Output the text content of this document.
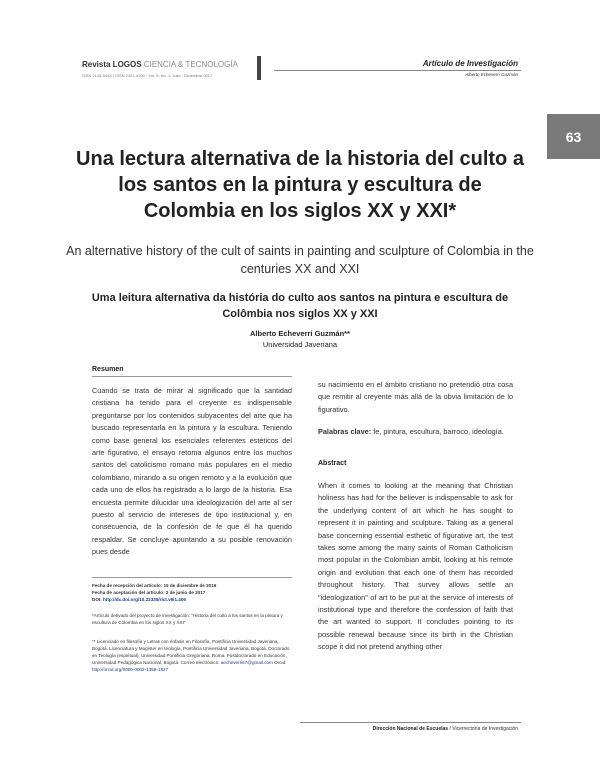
Revista LOGOS CIENCIA & TECNOLOGÍA
ISSN 2145-549X | ISSN 2422-4200 · Vol. 9, No. 1, Julio - Diciembre 2017
Artículo de Investigación
Alberto Echeverri Guzmán
63
Una lectura alternativa de la historia del culto a los santos en la pintura y escultura de Colombia en los siglos XX y XXI*
An alternative history of the cult of saints in painting and sculpture of Colombia in the centuries XX and XXI
Uma leitura alternativa da história do culto aos santos na pintura e escultura de Colômbia nos siglos XX y XXI
Alberto Echeverri Guzmán**
Universidad Javeriana
Resumen
Cuando se trata de mirar al significado que la santidad cristiana ha tenido para el creyente es indispensable preguntarse por los contenidos subyacentes del arte que ha buscado representarla en la pintura y la escultura. Teniendo como base general los esenciales referentes estéticos del arte figurativo, el ensayo retoma algunos entre los muchos santos del catolicismo romano más populares en el medio colombiano, mirando a su origen remoto y a la evolución que cada uno de ellos ha registrado a lo largo de la historia. Esa encuesta permite dilucidar una ideologización del arte al ser puesto al servicio de intereses de tipo institucional y, en consecuencia, de la confesión de fe que él ha querido respaldar. Se concluye apuntando a su posible renovación pues desde
su nacimiento en el ámbito cristiano no pretendió otra cosa que remitir al creyente más allá de la obvia limitación de lo figurativo.
Palabras clave: fe, pintura, escultura, barroco, ideología.
Abstract
When it comes to looking at the meaning that Christian holiness has had for the believer is indispensable to ask for the underlying content of art which he has sought to represent it in painting and sculpture. Taking as a general base concerning essential esthetic of figurative art, the test takes some among the many saints of Roman Catholicism most popular in the Colombian ambit, looking at his remote origin and evolution that each one of them has recorded throughout history. That survey allows settle an "ideologization" of art to be put at the service of interests of institutional type and therefore the confession of faith that the art wanted to support. It concludes pointing to its possible renewal because since its birth in the Christian scope it did not pretend anything other
Fecha de recepción del artículo: 15 de diciembre de 2016
Fecha de aceptación del artículo: 2 de junio de 2017
DOI: http://dx.doi.org/10.22335/rlct.v9i1.406
*Artículo derivado del proyecto de investigación: "Historia del culto a los santos en la pintura y escultura de Colombia en los siglos XX y XXI"
** Licenciado en filosofía y Letras con énfasis en Filosofía, Pontificia Universidad Javeriana, Bogotá. Licenciatura y Magíster en teología, Pontificia Universidad Javeriana, Bogotá. Doctorado en Teología (espiritual), Universidad Pontificia Gregoriana, Roma. Postdoctorado en Educación, Universidad Pedagógica Nacional, Bogotá. Correo electrónico: aecheverri67@gmail.com Orcid: http://orcid.org/0000-0002-1359-1827
Dirección Nacional de Escuelas / Vicerrectoría de Investigación
